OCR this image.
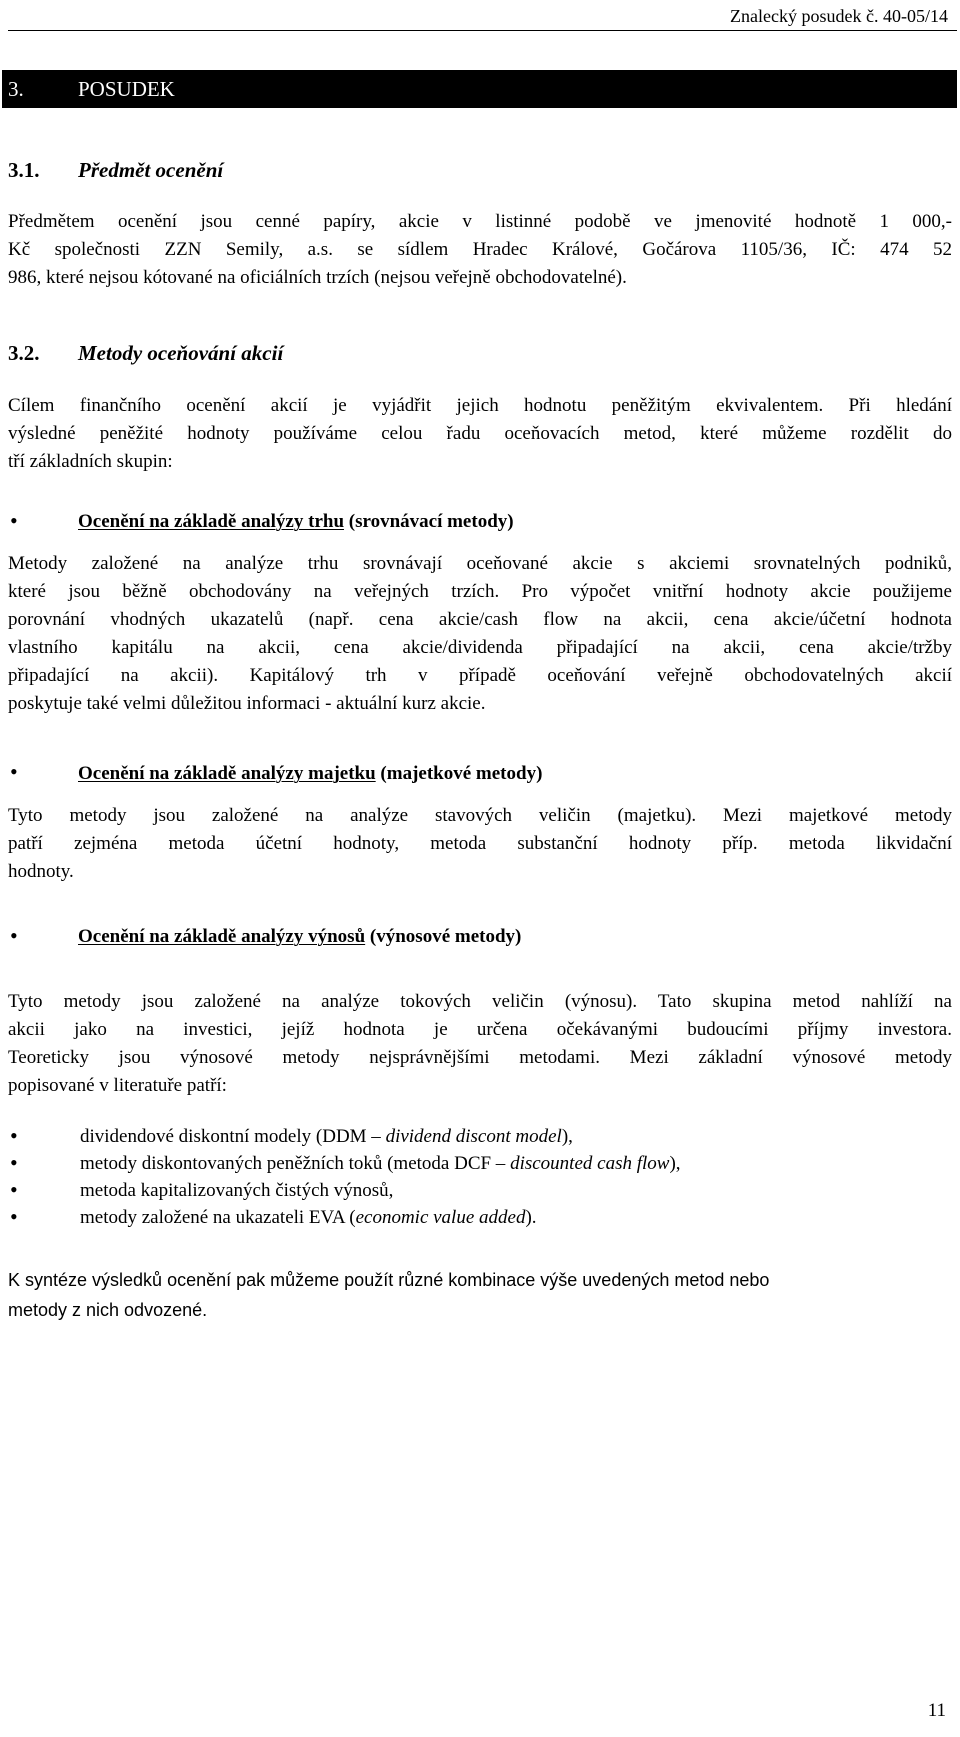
Znalecký posudek č. 40-05/14
3.	POSUDEK
3.1. Předmět ocenění
Předmětem ocenění jsou cenné papíry, akcie v listinné podobě ve jmenovité hodnotě 1 000,-
Kč společnosti ZZN Semily, a.s. se sídlem Hradec Králové, Gočárova 1105/36, IČ: 474 52
986, které nejsou kótované na oficiálních trzích (nejsou veřejně obchodovatelné).
3.2. Metody oceňování akcií
Cílem finančního ocenění akcií je vyjádřit jejich hodnotu peněžitým ekvivalentem. Při hledání
výsledné peněžité hodnoty používáme celou řadu oceňovacích metod, které můžeme rozdělit do
tří základních skupin:
•	Ocenění na základě analýzy trhu (srovnávací metody)
Metody založené na analýze trhu srovnávají oceňované akcie s akciemi srovnatelných podniků,
které jsou běžně obchodovány na veřejných trzích. Pro výpočet vnitřní hodnoty akcie použijeme
porovnání vhodných ukazatelů (např. cena akcie/cash flow na akcii, cena akcie/účetní hodnota
vlastního kapitálu na akcii, cena akcie/dividenda připadající na akcii, cena akcie/tržby
připadající na akcii). Kapitálový trh v případě oceňování veřejně obchodovatelných akcií
poskytuje také velmi důležitou informaci - aktuální kurz akcie.
•	Ocenění na základě analýzy majetku (majetkové metody)
Tyto metody jsou založené na analýze stavových veličin (majetku). Mezi majetkové metody
patří zejména metoda účetní hodnoty, metoda substanční hodnoty příp. metoda likvidační
hodnoty.
•	Ocenění na základě analýzy výnosů (výnosové metody)
Tyto metody jsou založené na analýze tokových veličin (výnosu). Tato skupina metod nahlíží na
akcii jako na investici, jejíž hodnota je určena očekávanými budoucími příjmy investora.
Teoreticky jsou výnosové metody nejsprávnějšími metodami. Mezi základní výnosové metody
popisované v literatuře patří:
•	dividendové diskontní modely (DDM – dividend discont model),
•	metody diskontovaných peněžních toků (metoda DCF – discounted cash flow),
•	metoda kapitalizovaných čistých výnosů,
•	metody založené na ukazateli EVA (economic value added).
K syntéze výsledků ocenění pak můžeme použít různé kombinace výše uvedených metod nebo
metody z nich odvozené.
11
